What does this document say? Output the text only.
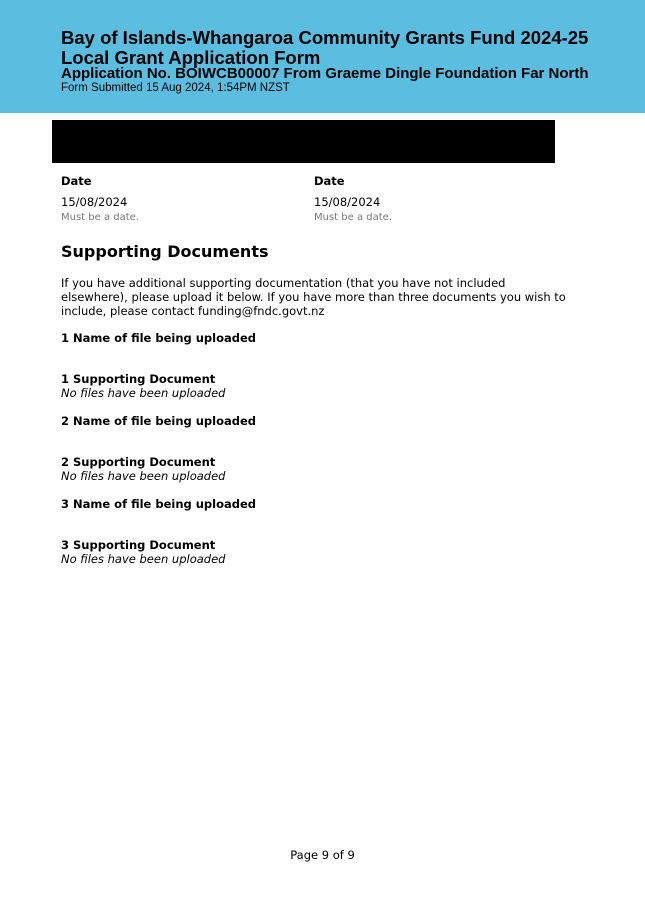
Bay of Islands-Whangaroa Community Grants Fund 2024-25
Local Grant Application Form
Application No. BOIWCB00007 From Graeme Dingle Foundation Far North
Form Submitted 15 Aug 2024, 1:54PM NZST
Date
15/08/2024
Must be a date.
Date
15/08/2024
Must be a date.
Supporting Documents

If you have additional supporting documentation (that you have not included elsewhere), please upload it below. If you have more than three documents you wish to include, please contact funding@fndc.govt.nz

1 Name of file being uploaded
1 Supporting Document
No files have been uploaded
2 Name of file being uploaded
2 Supporting Document
No files have been uploaded
3 Name of file being uploaded
3 Supporting Document
No files have been uploaded
Page 9 of 9
